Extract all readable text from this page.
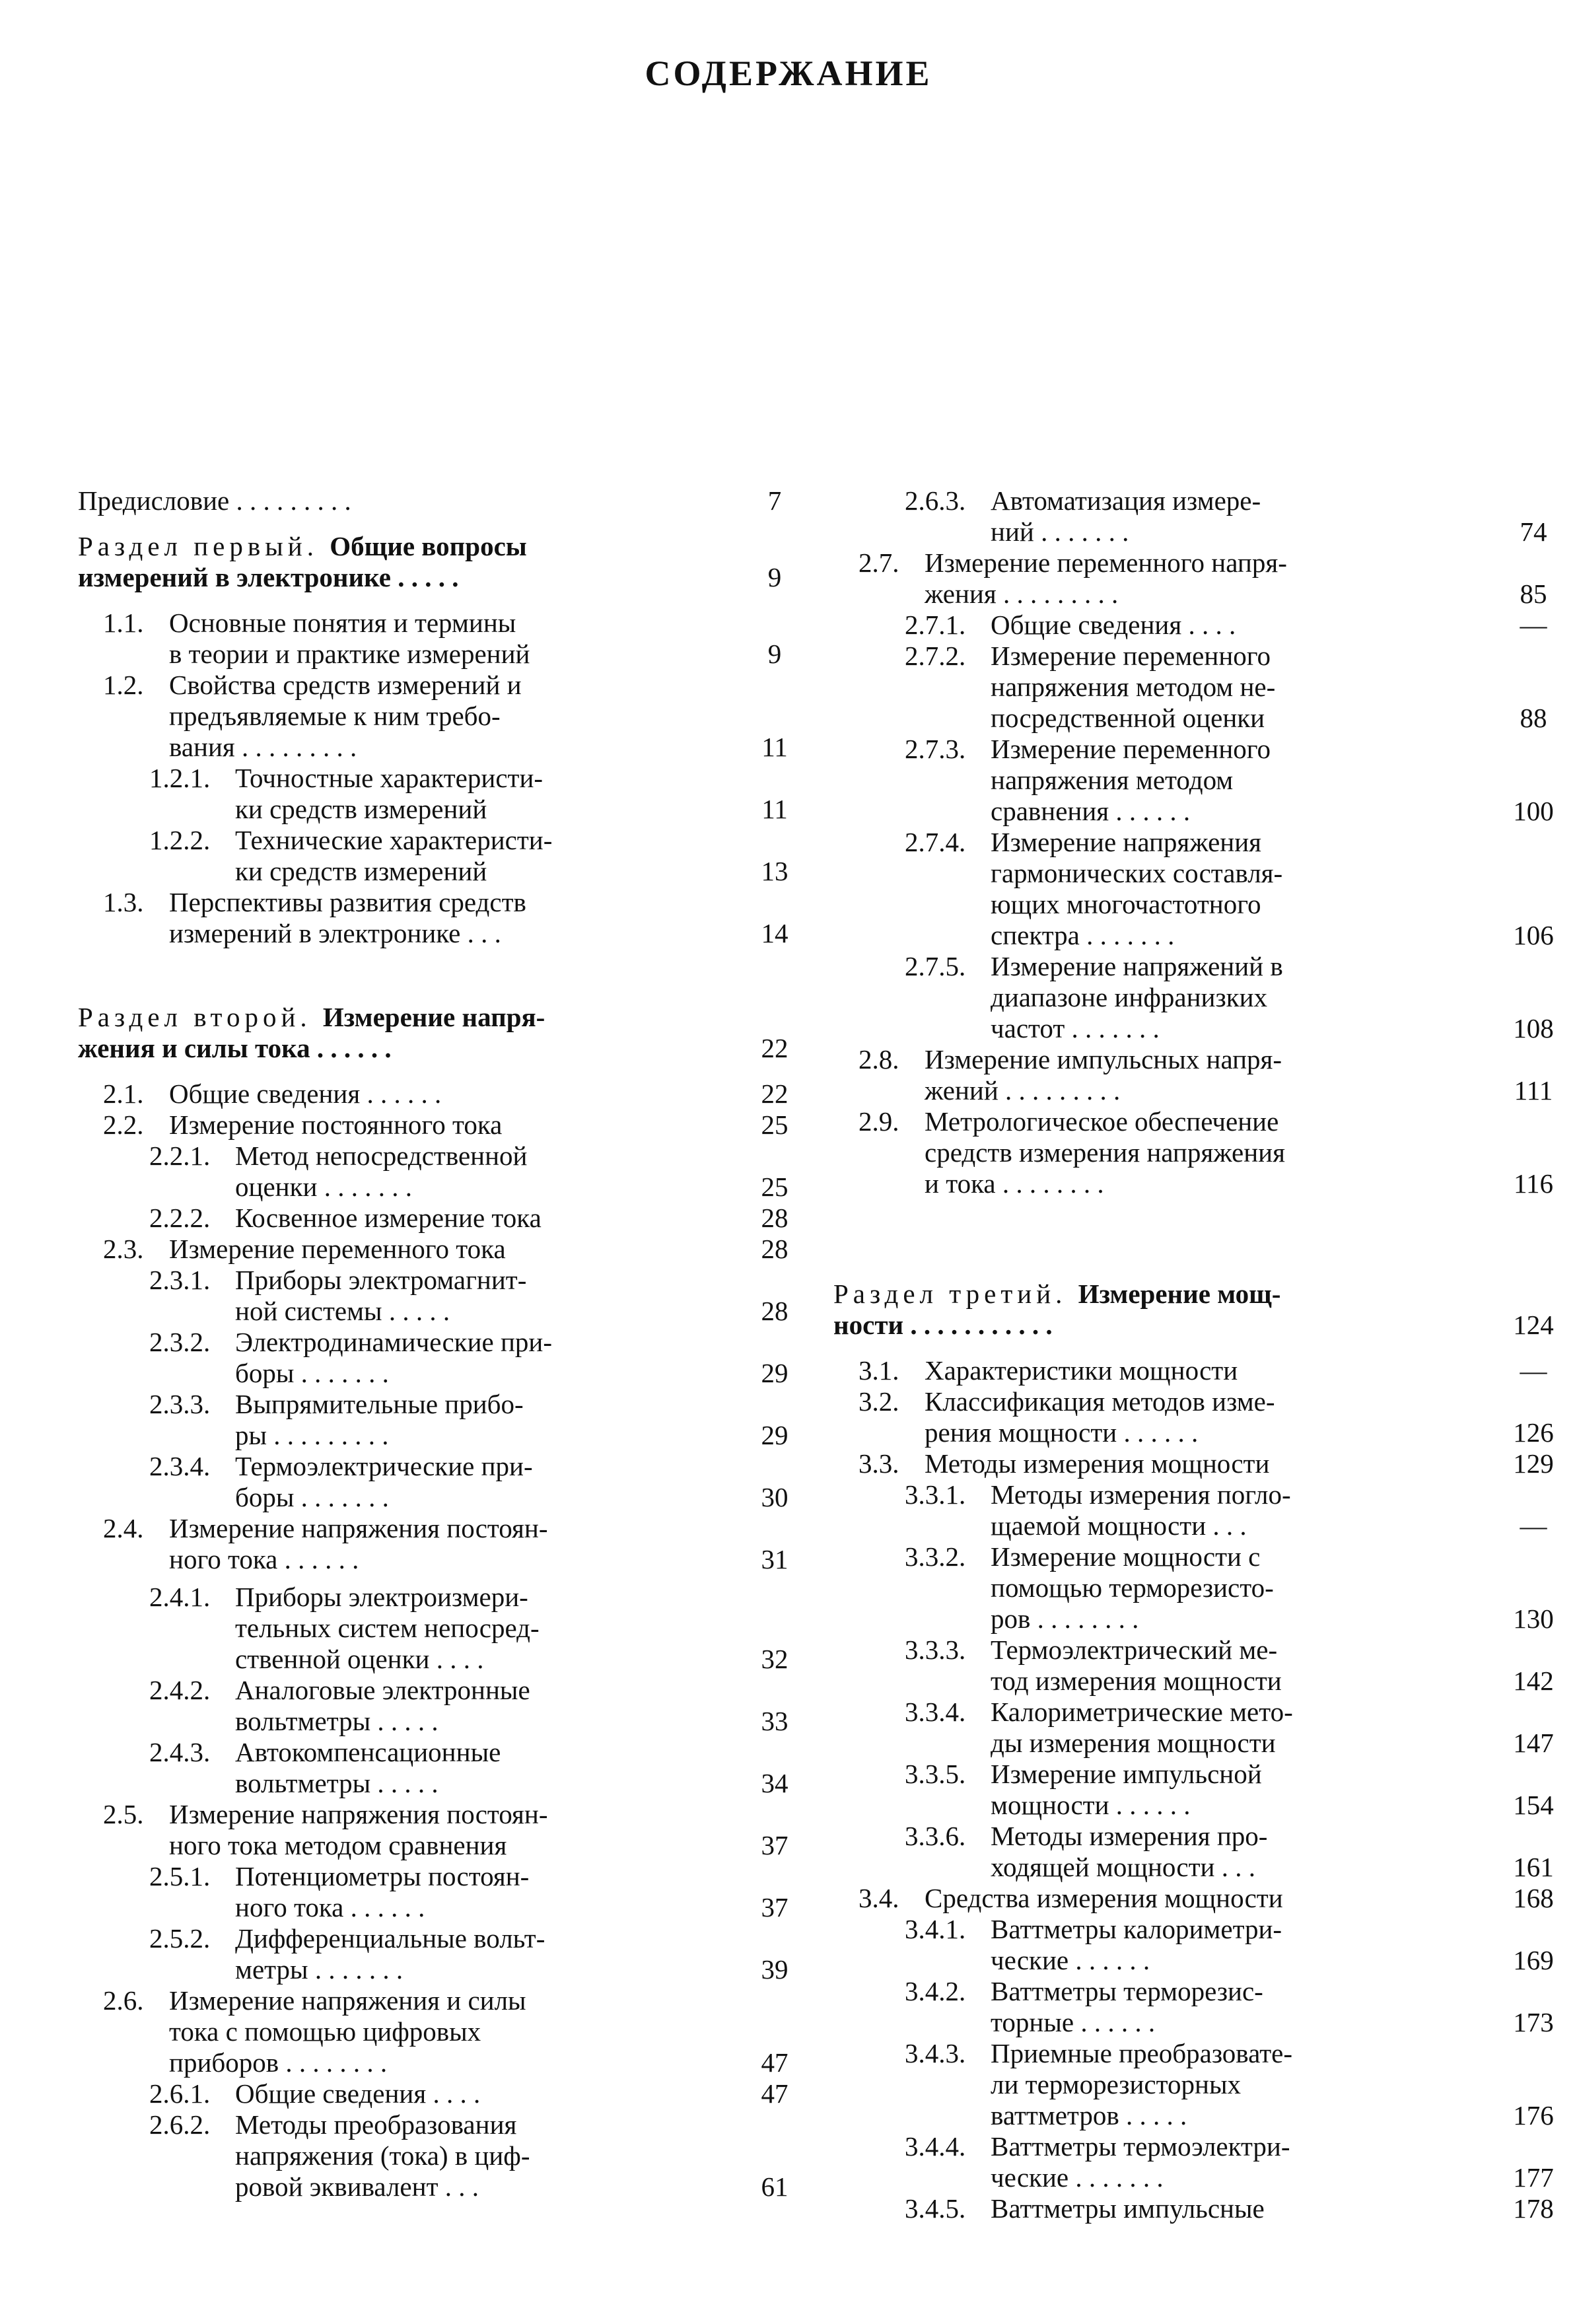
СОДЕРЖАНИЕ
Предисловие . . . . . . . . .	7
Раздел первый. Общие вопросы
измерений в электронике . . . . .	9
1.1. Основные понятия и термины
в теории и практике измерений	9
1.2. Свойства средств измерений и
предъявляемые к ним требо-
вания . . . . . . . . .	11
1.2.1. Точностные характеристи-
ки средств измерений	11
1.2.2. Технические характеристи-
ки средств измерений	13
1.3. Перспективы развития средств
измерений в электронике . . .	14
Раздел второй. Измерение напря-
жения и силы тока . . . . . .	22
2.1. Общие сведения . . . . . .	22
2.2. Измерение постоянного тока	25
2.2.1. Метод непосредственной
оценки . . . . . . .	25
2.2.2. Косвенное измерение тока	28
2.3. Измерение переменного тока	28
2.3.1. Приборы электромагнит-
ной системы . . . . .	28
2.3.2. Электродинамические при-
боры . . . . . . .	29
2.3.3. Выпрямительные прибо-
ры . . . . . . . . .	29
2.3.4. Термоэлектрические при-
боры . . . . . . .	30
2.4. Измерение напряжения постоян-
ного тока . . . . . .	31
2.4.1. Приборы электроизмери-
тельных систем непосред-
ственной оценки . . . .	32
2.4.2. Аналоговые электронные
вольтметры . . . . .	33
2.4.3. Автокомпенсационные
вольтметры . . . . .	34
2.5. Измерение напряжения постоян-
ного тока методом сравнения	37
2.5.1. Потенциометры постоян-
ного тока . . . . . .	37
2.5.2. Дифференциальные вольт-
метры . . . . . . .	39
2.6. Измерение напряжения и силы
тока с помощью цифровых
приборов . . . . . . . .	47
2.6.1. Общие сведения . . . .	47
2.6.2. Методы преобразования
напряжения (тока) в циф-
ровой эквивалент . . .	61
2.6.3. Автоматизация измере-
ний . . . . . . .	74
2.7. Измерение переменного напря-
жения . . . . . . . . .	85
2.7.1. Общие сведения . . . .	—
2.7.2. Измерение переменного
напряжения методом не-
посредственной оценки	88
2.7.3. Измерение переменного
напряжения методом
сравнения . . . . . .	100
2.7.4. Измерение напряжения
гармонических составля-
ющих многочастотного
спектра . . . . . . .	106
2.7.5. Измерение напряжений в
диапазоне инфранизких
частот . . . . . . .	108
2.8. Измерение импульсных напря-
жений . . . . . . . . .	111
2.9. Метрологическое обеспечение
средств измерения напряжения
и тока . . . . . . . .	116
Раздел третий. Измерение мощ-
ности . . . . . . . . . . .	124
3.1. Характеристики мощности	—
3.2. Классификация методов изме-
рения мощности . . . . . .	126
3.3. Методы измерения мощности	129
3.3.1. Методы измерения погло-
щаемой мощности . . .	—
3.3.2. Измерение мощности с
помощью терморезисто-
ров . . . . . . . .	130
3.3.3. Термоэлектрический ме-
тод измерения мощности	142
3.3.4. Калориметрические мето-
ды измерения мощности	147
3.3.5. Измерение импульсной
мощности . . . . . .	154
3.3.6. Методы измерения про-
ходящей мощности . . .	161
3.4. Средства измерения мощности	168
3.4.1. Ваттметры калориметри-
ческие . . . . . .	169
3.4.2. Ваттметры терморезис-
торные . . . . . .	173
3.4.3. Приемные преобразовате-
ли терморезисторных
ваттметров . . . . .	176
3.4.4. Ваттметры термоэлектри-
ческие . . . . . . .	177
3.4.5. Ваттметры импульсные	178
